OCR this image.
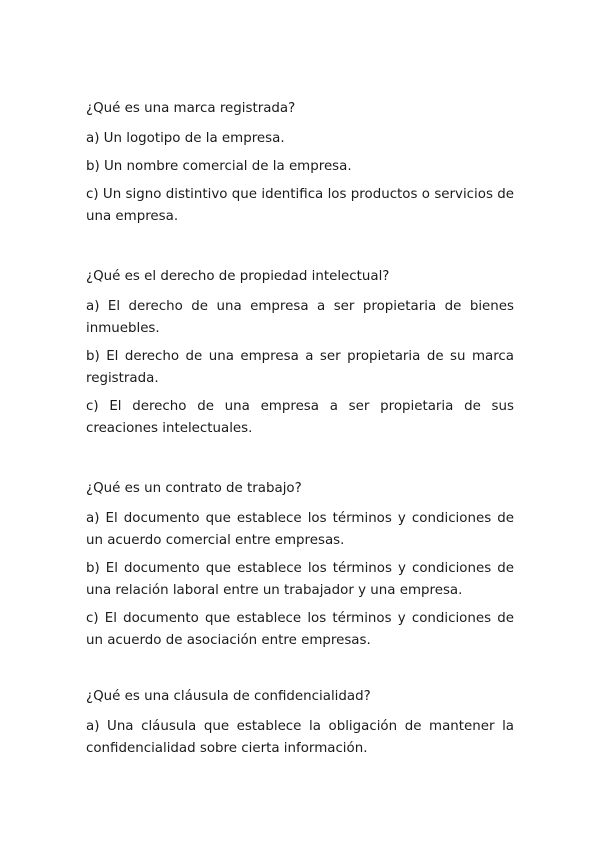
¿Qué es una marca registrada?

a) Un logotipo de la empresa.

b) Un nombre comercial de la empresa.

c) Un signo distintivo que identifica los productos o servicios de una empresa.

¿Qué es el derecho de propiedad intelectual?

a) El derecho de una empresa a ser propietaria de bienes inmuebles.

b) El derecho de una empresa a ser propietaria de su marca registrada.

c) El derecho de una empresa a ser propietaria de sus creaciones intelectuales.

¿Qué es un contrato de trabajo?

a) El documento que establece los términos y condiciones de un acuerdo comercial entre empresas.

b) El documento que establece los términos y condiciones de una relación laboral entre un trabajador y una empresa.

c) El documento que establece los términos y condiciones de un acuerdo de asociación entre empresas.

¿Qué es una cláusula de confidencialidad?

a) Una cláusula que establece la obligación de mantener la confidencialidad sobre cierta información.
